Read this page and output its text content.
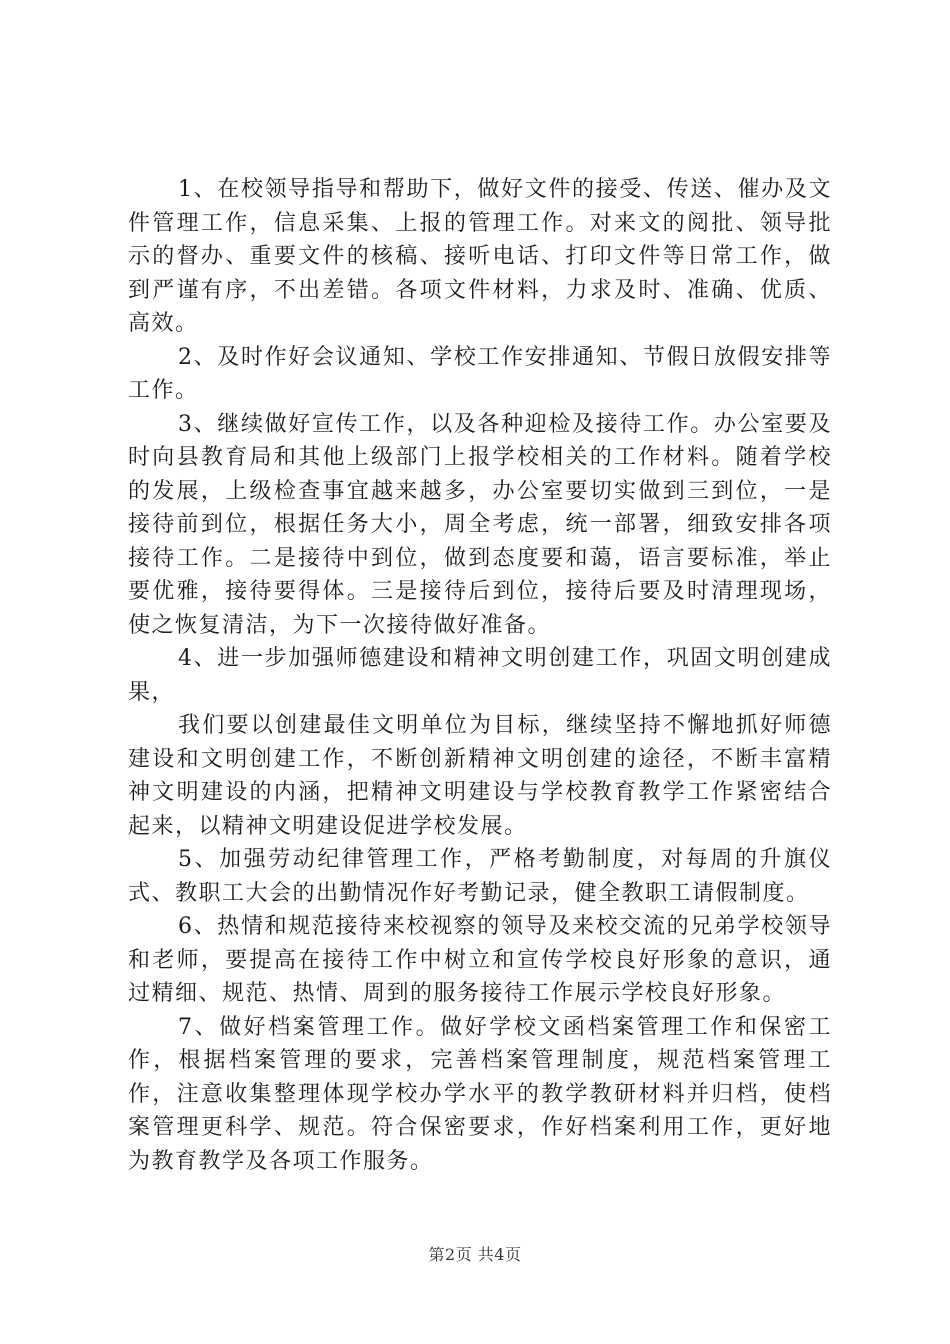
1、在校领导指导和帮助下，做好文件的接受、传送、催办及文件管理工作，信息采集、上报的管理工作。对来文的阅批、领导批示的督办、重要文件的核稿、接听电话、打印文件等日常工作，做到严谨有序，不出差错。各项文件材料，力求及时、准确、优质、高效。

2、及时作好会议通知、学校工作安排通知、节假日放假安排等工作。

3、继续做好宣传工作，以及各种迎检及接待工作。办公室要及时向县教育局和其他上级部门上报学校相关的工作材料。随着学校的发展，上级检查事宜越来越多，办公室要切实做到三到位，一是接待前到位，根据任务大小，周全考虑，统一部署，细致安排各项接待工作。二是接待中到位，做到态度要和蔼，语言要标准，举止要优雅，接待要得体。三是接待后到位，接待后要及时清理现场，使之恢复清洁，为下一次接待做好准备。

4、进一步加强师德建设和精神文明创建工作，巩固文明创建成果，

我们要以创建最佳文明单位为目标，继续坚持不懈地抓好师德建设和文明创建工作，不断创新精神文明创建的途径，不断丰富精神文明建设的内涵，把精神文明建设与学校教育教学工作紧密结合起来，以精神文明建设促进学校发展。

5、加强劳动纪律管理工作，严格考勤制度，对每周的升旗仪式、教职工大会的出勤情况作好考勤记录，健全教职工请假制度。

6、热情和规范接待来校视察的领导及来校交流的兄弟学校领导和老师，要提高在接待工作中树立和宣传学校良好形象的意识，通过精细、规范、热情、周到的服务接待工作展示学校良好形象。

7、做好档案管理工作。做好学校文函档案管理工作和保密工作，根据档案管理的要求，完善档案管理制度，规范档案管理工作，注意收集整理体现学校办学水平的教学教研材料并归档，使档案管理更科学、规范。符合保密要求，作好档案利用工作，更好地为教育教学及各项工作服务。

第2页 共4页
